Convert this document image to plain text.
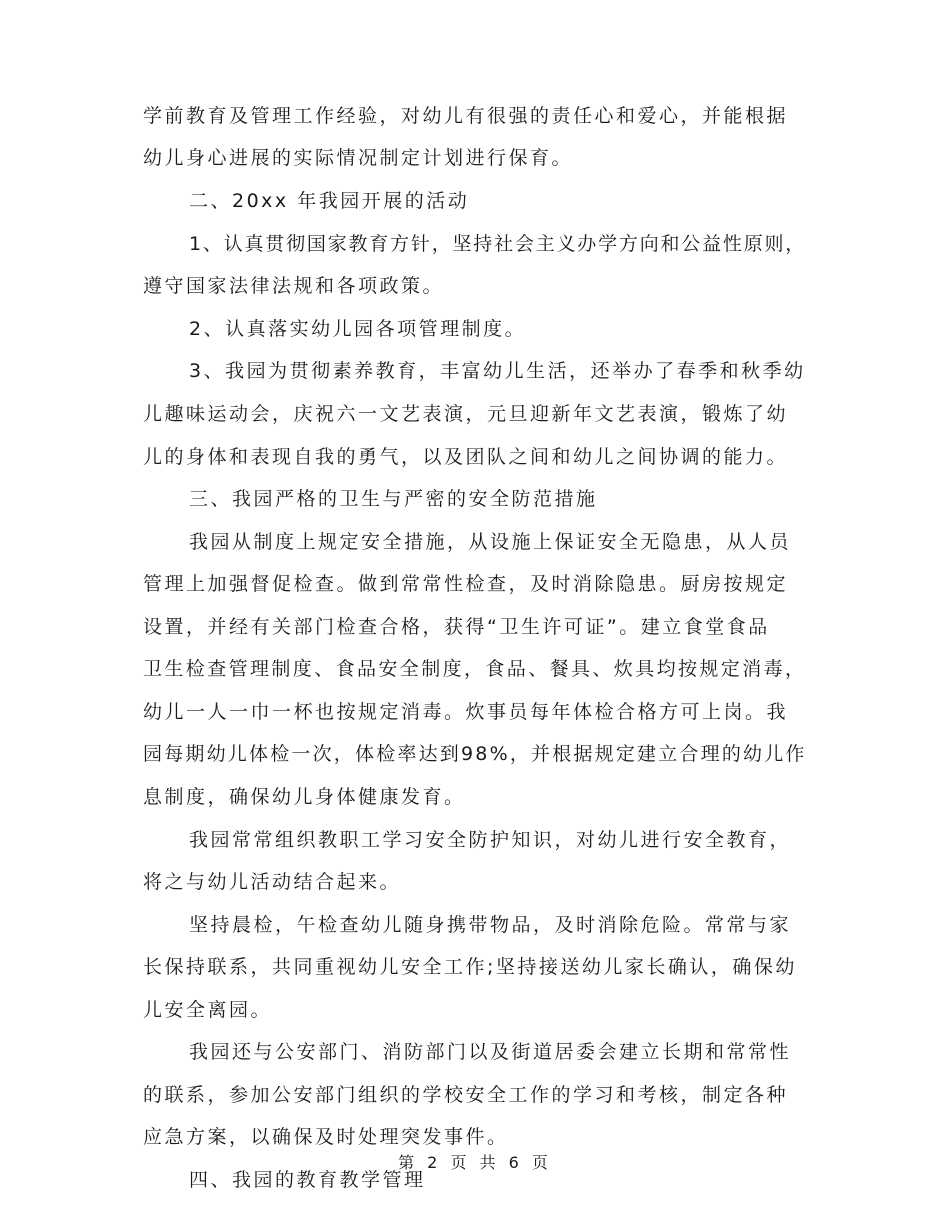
学前教育及管理工作经验，对幼儿有很强的责任心和爱心，并能根据
幼儿身心进展的实际情况制定计划进行保育。
二、20xx 年我园开展的活动
1、认真贯彻国家教育方针，坚持社会主义办学方向和公益性原则，
遵守国家法律法规和各项政策。
2、认真落实幼儿园各项管理制度。
3、我园为贯彻素养教育，丰富幼儿生活，还举办了春季和秋季幼
儿趣味运动会，庆祝六一文艺表演，元旦迎新年文艺表演，锻炼了幼
儿的身体和表现自我的勇气，以及团队之间和幼儿之间协调的能力。
三、我园严格的卫生与严密的安全防范措施
我园从制度上规定安全措施，从设施上保证安全无隐患，从人员
管理上加强督促检查。做到常常性检查，及时消除隐患。厨房按规定
设置，并经有关部门检查合格，获得“卫生许可证”。建立食堂食品
卫生检查管理制度、食品安全制度，食品、餐具、炊具均按规定消毒，
幼儿一人一巾一杯也按规定消毒。炊事员每年体检合格方可上岗。我
园每期幼儿体检一次，体检率达到98%，并根据规定建立合理的幼儿作
息制度，确保幼儿身体健康发育。
我园常常组织教职工学习安全防护知识，对幼儿进行安全教育，
将之与幼儿活动结合起来。
坚持晨检，午检查幼儿随身携带物品，及时消除危险。常常与家
长保持联系，共同重视幼儿安全工作;坚持接送幼儿家长确认，确保幼
儿安全离园。
我园还与公安部门、消防部门以及街道居委会建立长期和常常性
的联系，参加公安部门组织的学校安全工作的学习和考核，制定各种
应急方案，以确保及时处理突发事件。
四、我园的教育教学管理
第 2 页 共 6 页
